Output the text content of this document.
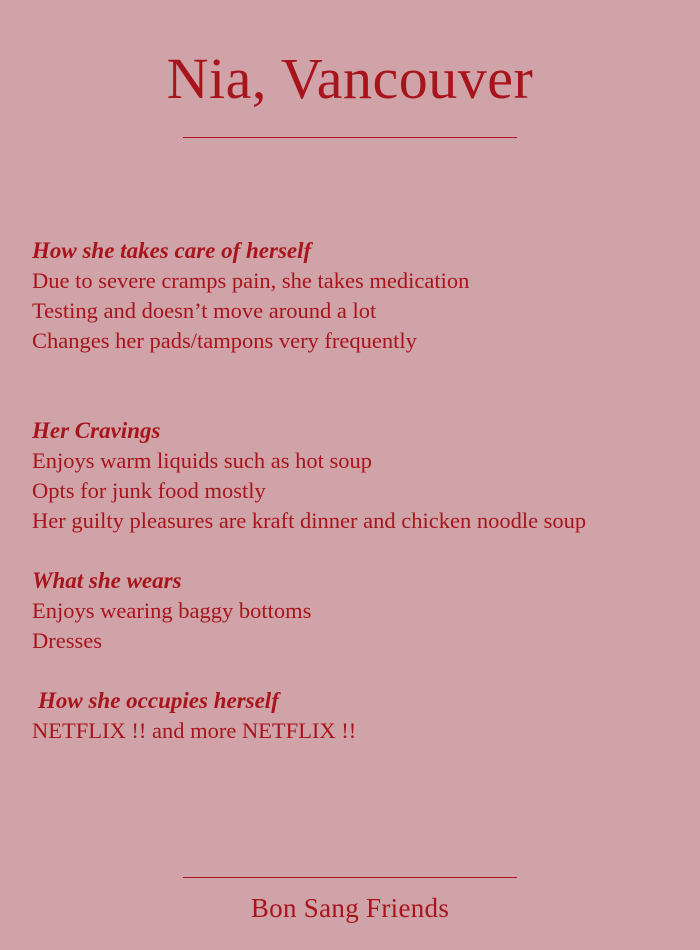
Nia, Vancouver

How she takes care of herself

Due to severe cramps pain, she takes medication

Testing and doesn’t move around a lot

Changes her pads/tampons very frequently

Her Cravings

Enjoys warm liquids such as hot soup

Opts for junk food mostly

Her guilty pleasures are kraft dinner and chicken noodle soup

What she wears

Enjoys wearing baggy bottoms

Dresses

How she occupies herself

NETFLIX !! and more NETFLIX !!

Bon Sang Friends
